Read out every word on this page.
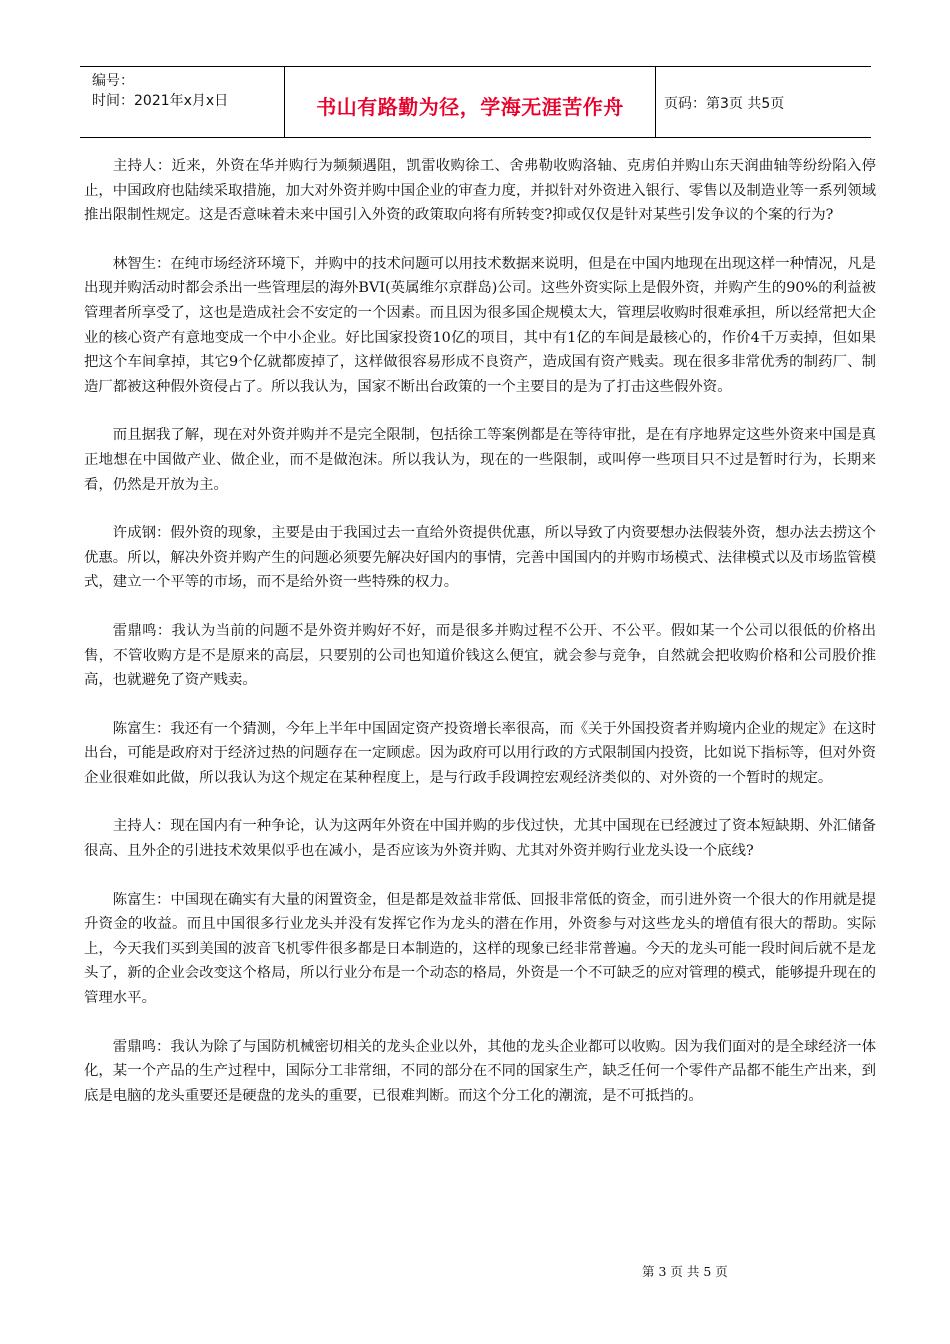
编号：
时间：2021年x月x日	书山有路勤为径，学海无涯苦作舟	页码：第3页 共5页

主持人：近来，外资在华并购行为频频遇阻，凯雷收购徐工、舍弗勒收购洛轴、克虏伯并购山东天润曲轴等纷纷陷入停止，中国政府也陆续采取措施，加大对外资并购中国企业的审查力度，并拟针对外资进入银行、零售以及制造业等一系列领域推出限制性规定。这是否意味着未来中国引入外资的政策取向将有所转变?抑或仅仅是针对某些引发争议的个案的行为?

林智生：在纯市场经济环境下，并购中的技术问题可以用技术数据来说明，但是在中国内地现在出现这样一种情况，凡是出现并购活动时都会杀出一些管理层的海外BVI(英属维尔京群岛)公司。这些外资实际上是假外资，并购产生的90%的利益被管理者所享受了，这也是造成社会不安定的一个因素。而且因为很多国企规模太大，管理层收购时很难承担，所以经常把大企业的核心资产有意地变成一个中小企业。好比国家投资10亿的项目，其中有1亿的车间是最核心的，作价4千万卖掉，但如果把这个车间拿掉，其它9个亿就都废掉了，这样做很容易形成不良资产，造成国有资产贱卖。现在很多非常优秀的制药厂、制造厂都被这种假外资侵占了。所以我认为，国家不断出台政策的一个主要目的是为了打击这些假外资。

而且据我了解，现在对外资并购并不是完全限制，包括徐工等案例都是在等待审批，是在有序地界定这些外资来中国是真正地想在中国做产业、做企业，而不是做泡沫。所以我认为，现在的一些限制，或叫停一些项目只不过是暂时行为，长期来看，仍然是开放为主。

许成钢：假外资的现象，主要是由于我国过去一直给外资提供优惠，所以导致了内资要想办法假装外资，想办法去捞这个优惠。所以，解决外资并购产生的问题必须要先解决好国内的事情，完善中国国内的并购市场模式、法律模式以及市场监管模式，建立一个平等的市场，而不是给外资一些特殊的权力。

雷鼎鸣：我认为当前的问题不是外资并购好不好，而是很多并购过程不公开、不公平。假如某一个公司以很低的价格出售，不管收购方是不是原来的高层，只要别的公司也知道价钱这么便宜，就会参与竞争，自然就会把收购价格和公司股价推高，也就避免了资产贱卖。

陈富生：我还有一个猜测，今年上半年中国固定资产投资增长率很高，而《关于外国投资者并购境内企业的规定》在这时出台，可能是政府对于经济过热的问题存在一定顾虑。因为政府可以用行政的方式限制国内投资，比如说下指标等，但对外资企业很难如此做，所以我认为这个规定在某种程度上，是与行政手段调控宏观经济类似的、对外资的一个暂时的规定。

主持人：现在国内有一种争论，认为这两年外资在中国并购的步伐过快，尤其中国现在已经渡过了资本短缺期、外汇储备很高、且外企的引进技术效果似乎也在减小，是否应该为外资并购、尤其对外资并购行业龙头设一个底线?

陈富生：中国现在确实有大量的闲置资金，但是都是效益非常低、回报非常低的资金，而引进外资一个很大的作用就是提升资金的收益。而且中国很多行业龙头并没有发挥它作为龙头的潜在作用，外资参与对这些龙头的增值有很大的帮助。实际上，今天我们买到美国的波音飞机零件很多都是日本制造的，这样的现象已经非常普遍。今天的龙头可能一段时间后就不是龙头了，新的企业会改变这个格局，所以行业分布是一个动态的格局，外资是一个不可缺乏的应对管理的模式，能够提升现在的管理水平。

雷鼎鸣：我认为除了与国防机械密切相关的龙头企业以外，其他的龙头企业都可以收购。因为我们面对的是全球经济一体化，某一个产品的生产过程中，国际分工非常细，不同的部分在不同的国家生产，缺乏任何一个零件产品都不能生产出来，到底是电脑的龙头重要还是硬盘的龙头的重要，已很难判断。而这个分工化的潮流，是不可抵挡的。

第 3 页 共 5 页
